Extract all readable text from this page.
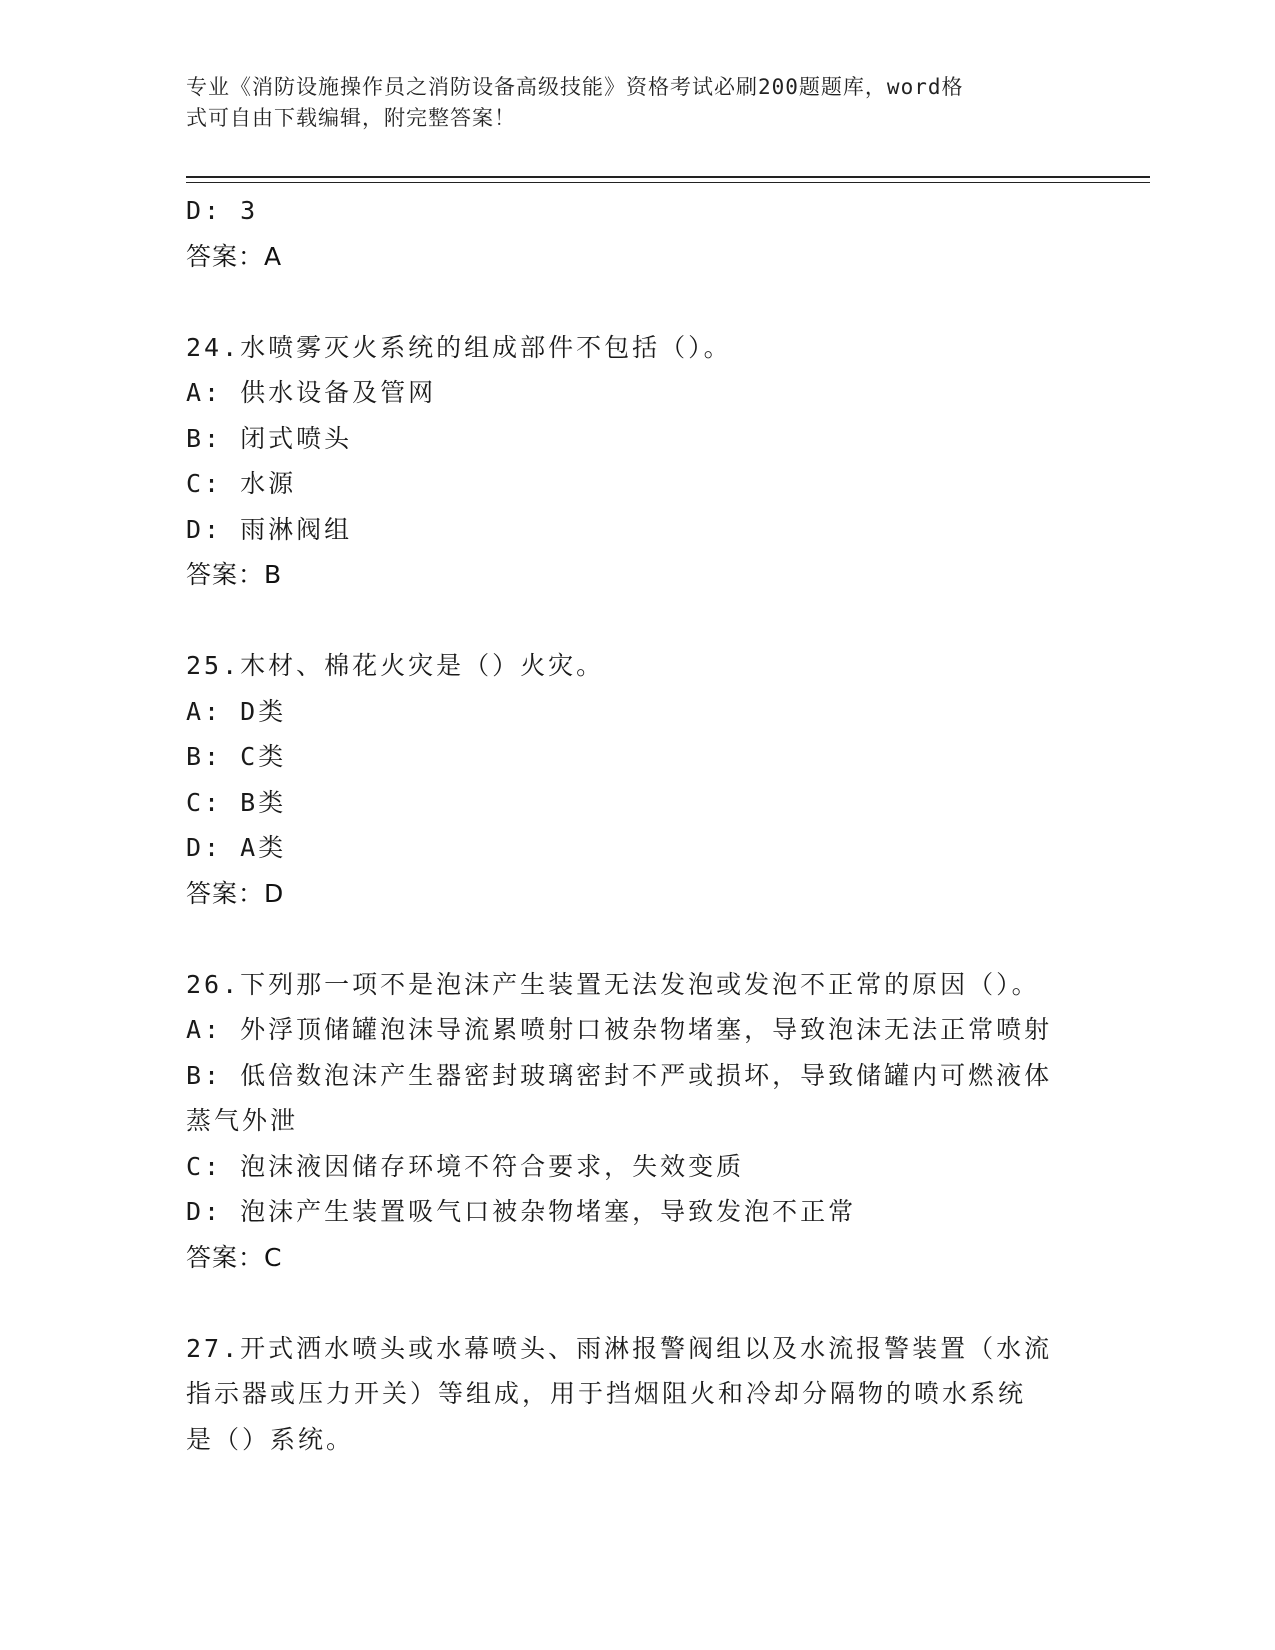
专业《消防设施操作员之消防设备高级技能》资格考试必刷200题题库，word格
式可自由下载编辑，附完整答案！

D: 3

答案：A

24.水喷雾灭火系统的组成部件不包括（）。

A: 供水设备及管网

B: 闭式喷头

C: 水源

D: 雨淋阀组

答案：B

25.木材、棉花火灾是（）火灾。

A: D类

B: C类

C: B类

D: A类

答案：D

26.下列那一项不是泡沫产生装置无法发泡或发泡不正常的原因（）。

A: 外浮顶储罐泡沫导流累喷射口被杂物堵塞，导致泡沫无法正常喷射

B: 低倍数泡沫产生器密封玻璃密封不严或损坏，导致储罐内可燃液体

蒸气外泄

C: 泡沫液因储存环境不符合要求，失效变质

D: 泡沫产生装置吸气口被杂物堵塞，导致发泡不正常

答案：C

27.开式洒水喷头或水幕喷头、雨淋报警阀组以及水流报警装置（水流

指示器或压力开关）等组成，用于挡烟阻火和冷却分隔物的喷水系统

是（）系统。
